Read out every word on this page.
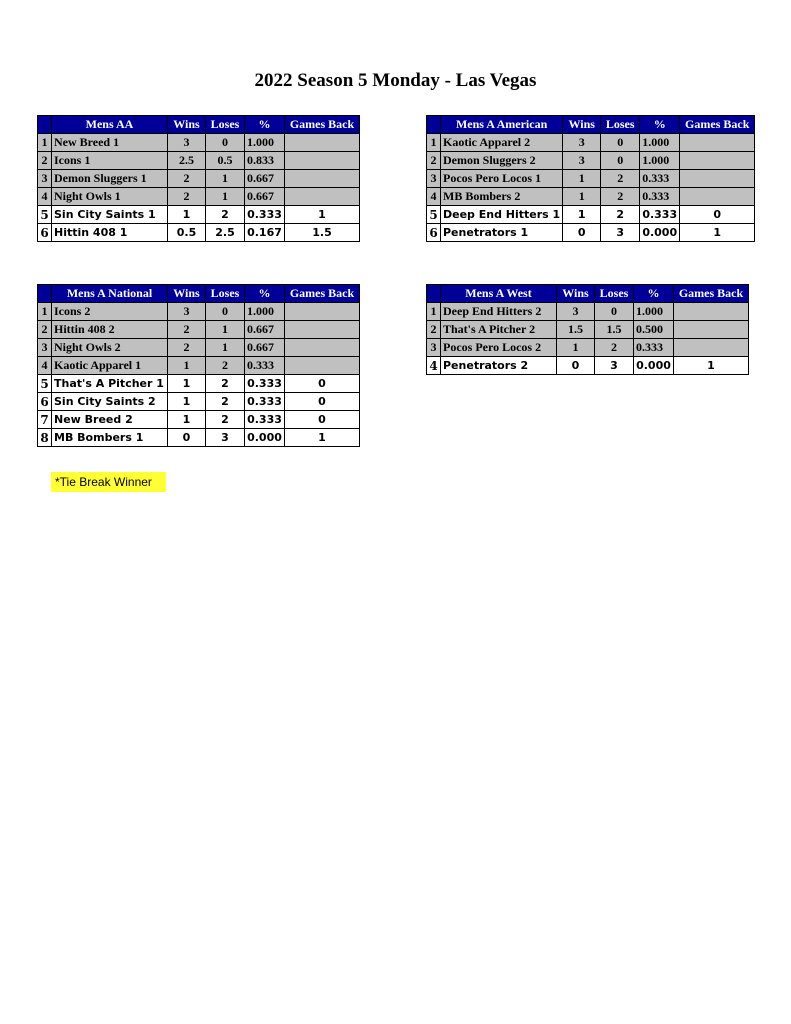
2022 Season 5 Monday - Las Vegas
	Mens AA	Wins	Loses	%	Games Back
1	New Breed 1	3	0	1.000	
2	Icons 1	2.5	0.5	0.833	
3	Demon Sluggers 1	2	1	0.667	
4	Night Owls 1	2	1	0.667	
5	Sin City Saints 1	1	2	0.333	1
6	Hittin 408 1	0.5	2.5	0.167	1.5
	Mens A American	Wins	Loses	%	Games Back
1	Kaotic Apparel 2	3	0	1.000	
2	Demon Sluggers 2	3	0	1.000	
3	Pocos Pero Locos 1	1	2	0.333	
4	MB Bombers 2	1	2	0.333	
5	Deep End Hitters 1	1	2	0.333	0
6	Penetrators 1	0	3	0.000	1
	Mens A National	Wins	Loses	%	Games Back
1	Icons 2	3	0	1.000	
2	Hittin 408 2	2	1	0.667	
3	Night Owls 2	2	1	0.667	
4	Kaotic Apparel 1	1	2	0.333	
5	That's A Pitcher 1	1	2	0.333	0
6	Sin City Saints 2	1	2	0.333	0
7	New Breed 2	1	2	0.333	0
8	MB Bombers 1	0	3	0.000	1
	Mens A West	Wins	Loses	%	Games Back
1	Deep End Hitters 2	3	0	1.000	
2	That's A Pitcher 2	1.5	1.5	0.500	
3	Pocos Pero Locos 2	1	2	0.333	
4	Penetrators 2	0	3	0.000	1
*Tie Break Winner
